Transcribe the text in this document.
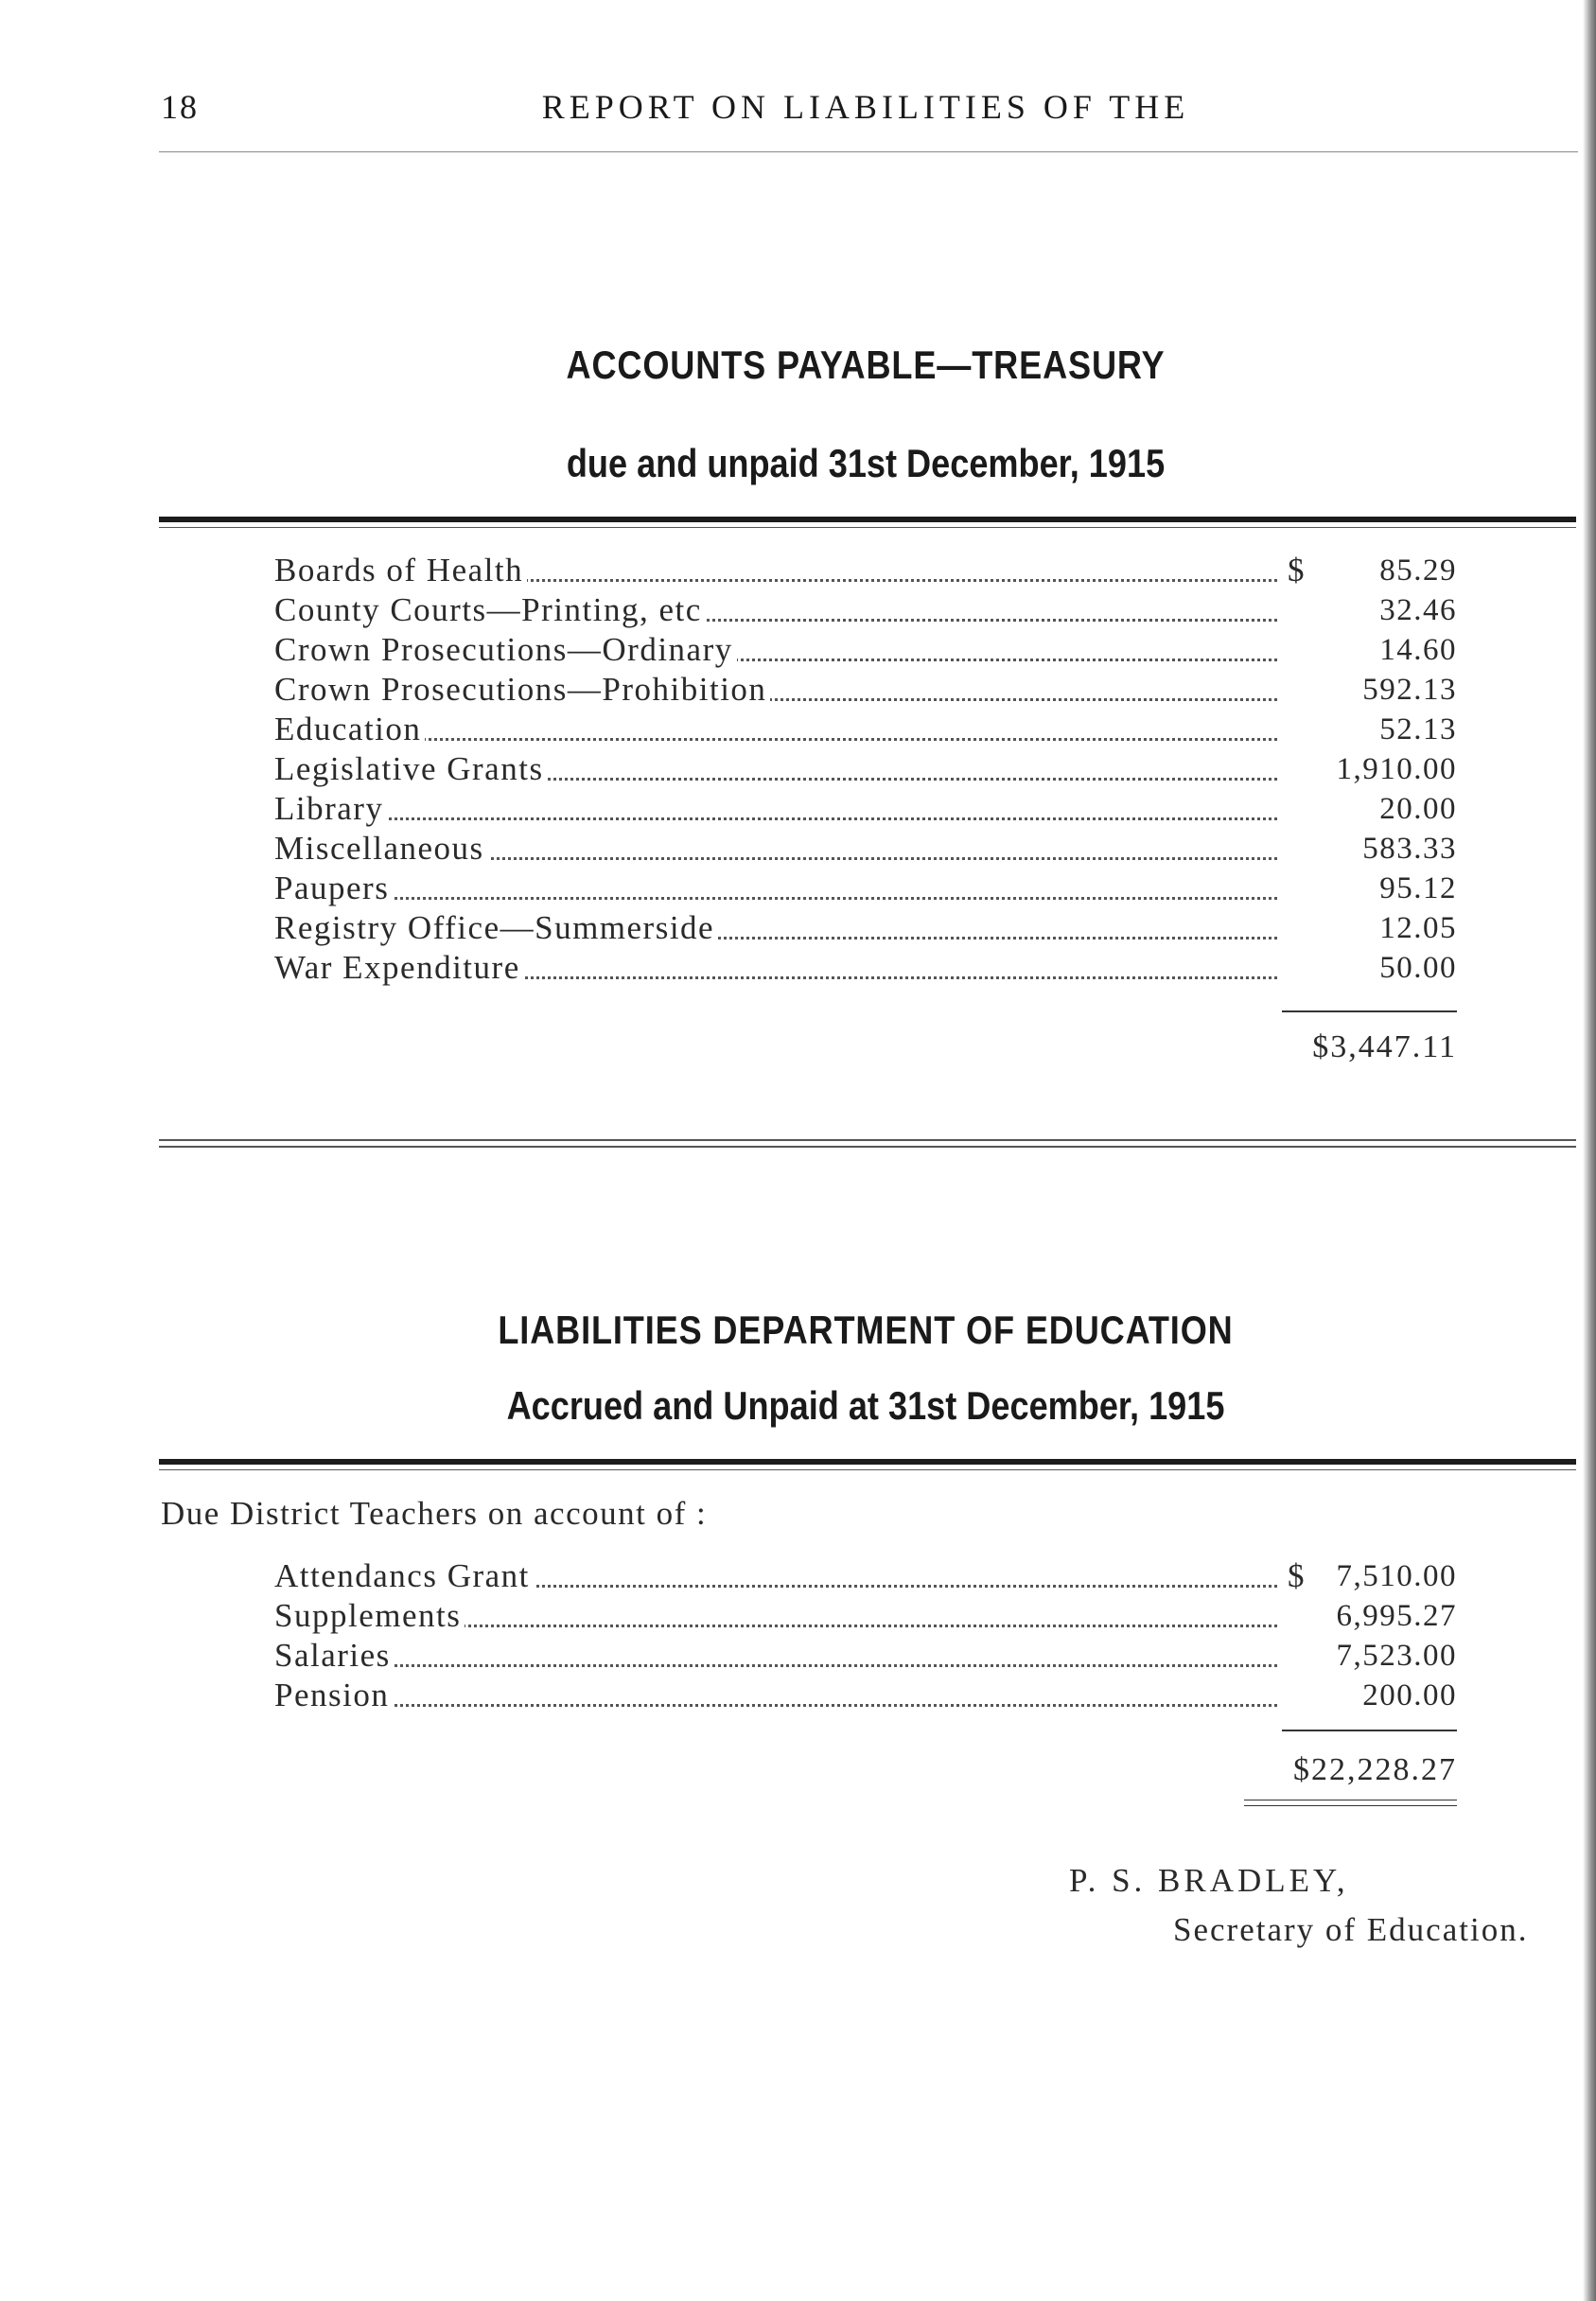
18	REPORT ON LIABILITIES OF THE
ACCOUNTS PAYABLE—TREASURY
due and unpaid 31st December, 1915
Boards of Health	$	85.29
County Courts—Printing, etc	32.46
Crown Prosecutions—Ordinary	14.60
Crown Prosecutions—Prohibition	592.13
Education	52.13
Legislative Grants	1,910.00
Library	20.00
Miscellaneous	583.33
Paupers	95.12
Registry Office—Summerside	12.05
War Expenditure	50.00
$3,447.11
LIABILITIES DEPARTMENT OF EDUCATION
Accrued and Unpaid at 31st December, 1915
Due District Teachers on account of :
Attendancs Grant	$ 7,510.00
Supplements	6,995.27
Salaries	7,523.00
Pension	200.00
$22,228.27
P. S. BRADLEY,
Secretary of Education.
